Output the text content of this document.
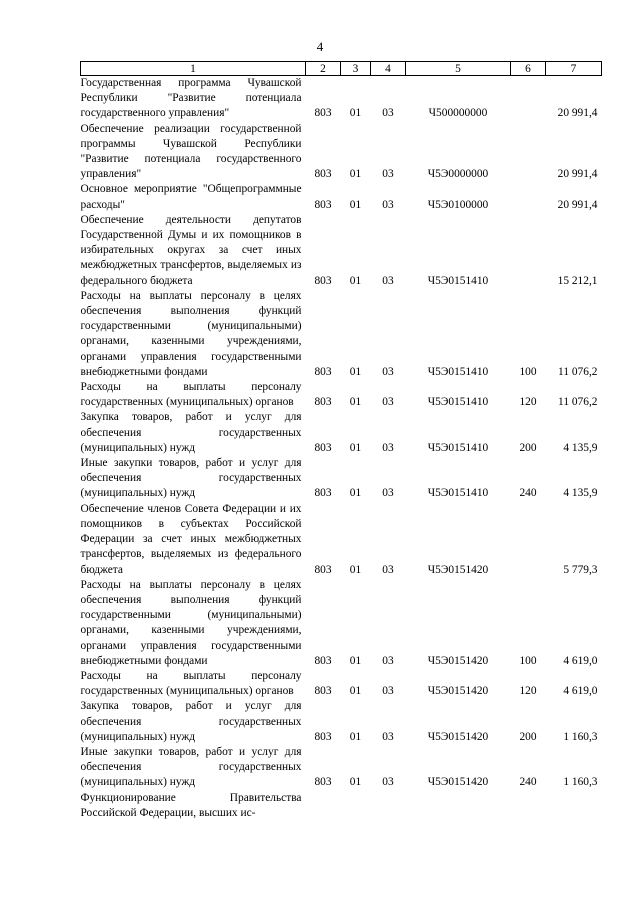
4
1	2	3	4	5	6	7
Государственная программа Чувашской Республики "Развитие потенциала государственного управления"	803	01	03	Ч500000000		20 991,4
Обеспечение реализации государственной программы Чувашской Республики "Развитие потенциала государственного управления"	803	01	03	Ч5Э0000000		20 991,4
Основное мероприятие "Общепрограммные расходы"	803	01	03	Ч5Э0100000		20 991,4
Обеспечение деятельности депутатов Государственной Думы и их помощников в избирательных округах за счет иных межбюджетных трансфертов, выделяемых из федерального бюджета	803	01	03	Ч5Э0151410		15 212,1
Расходы на выплаты персоналу в целях обеспечения выполнения функций государственными (муниципальными) органами, казенными учреждениями, органами управления государственными внебюджетными фондами	803	01	03	Ч5Э0151410	100	11 076,2
Расходы на выплаты персоналу государственных (муниципальных) органов	803	01	03	Ч5Э0151410	120	11 076,2
Закупка товаров, работ и услуг для обеспечения государственных (муниципальных) нужд	803	01	03	Ч5Э0151410	200	4 135,9
Иные закупки товаров, работ и услуг для обеспечения государственных (муниципальных) нужд	803	01	03	Ч5Э0151410	240	4 135,9
Обеспечение членов Совета Федерации и их помощников в субъектах Российской Федерации за счет иных межбюджетных трансфертов, выделяемых из федерального бюджета	803	01	03	Ч5Э0151420		5 779,3
Расходы на выплаты персоналу в целях обеспечения выполнения функций государственными (муниципальными) органами, казенными учреждениями, органами управления государственными внебюджетными фондами	803	01	03	Ч5Э0151420	100	4 619,0
Расходы на выплаты персоналу государственных (муниципальных) органов	803	01	03	Ч5Э0151420	120	4 619,0
Закупка товаров, работ и услуг для обеспечения государственных (муниципальных) нужд	803	01	03	Ч5Э0151420	200	1 160,3
Иные закупки товаров, работ и услуг для обеспечения государственных (муниципальных) нужд	803	01	03	Ч5Э0151420	240	1 160,3
Функционирование Правительства Российской Федерации, высших ис-						
